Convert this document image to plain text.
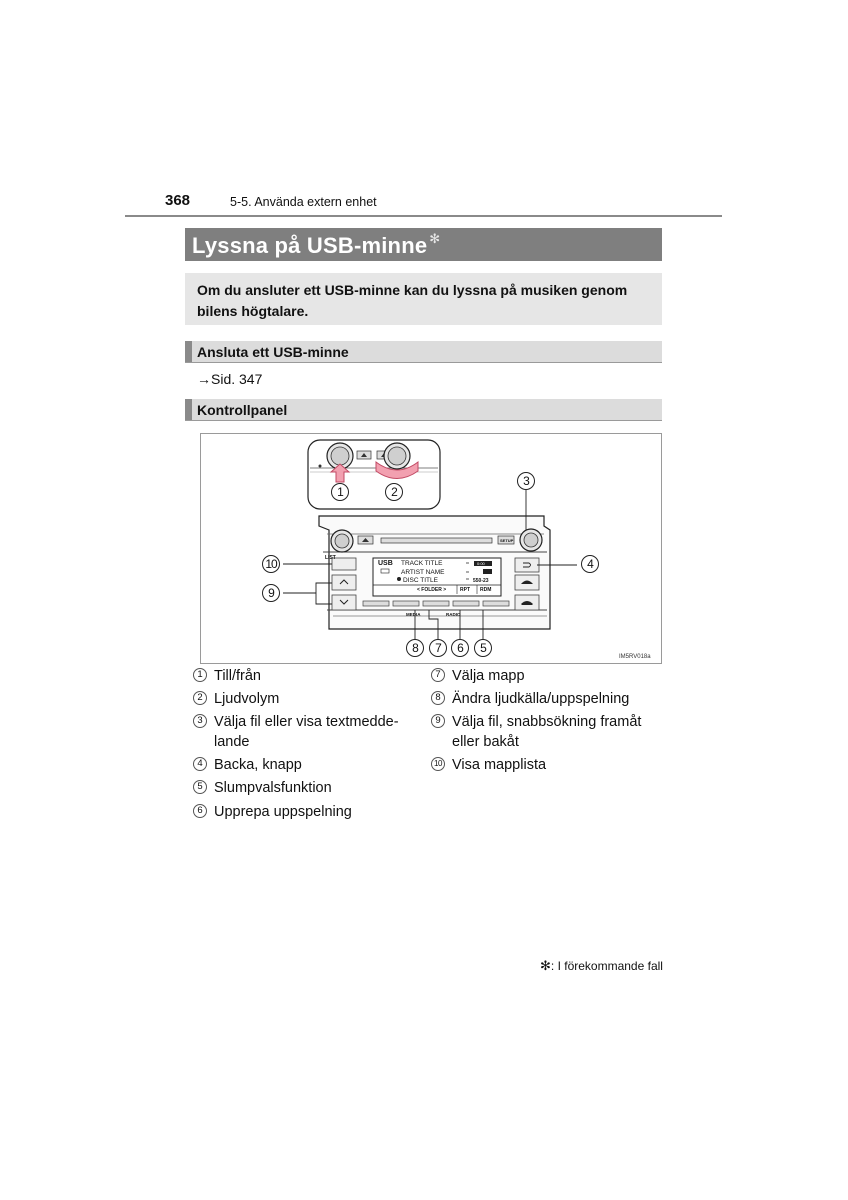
368	5-5. Använda extern enhet
Lyssna på USB-minne ✻
Om du ansluter ett USB-minne kan du lyssna på musiken genom bilens högtalare.
Ansluta ett USB-minne
→Sid. 347
Kontrollpanel
LIST
MEDIA	RADIO
SETUP
USB TRACK TITLE
ARTIST NAME
DISC TITLE
0:00
550-23
< FOLDER >	RPT RDM
1	2
3
4
5
6
7
8
9
10
IM5RV018a
1 Till/från
2 Ljudvolym
3 Välja fil eller visa textmedde-
lande
4 Backa, knapp
5 Slumpvalsfunktion
6 Upprepa uppspelning
7 Välja mapp
8 Ändra ljudkälla/uppspelning
9 Välja fil, snabbsökning framåt
eller bakåt
10 Visa mapplista
✻: I förekommande fall
